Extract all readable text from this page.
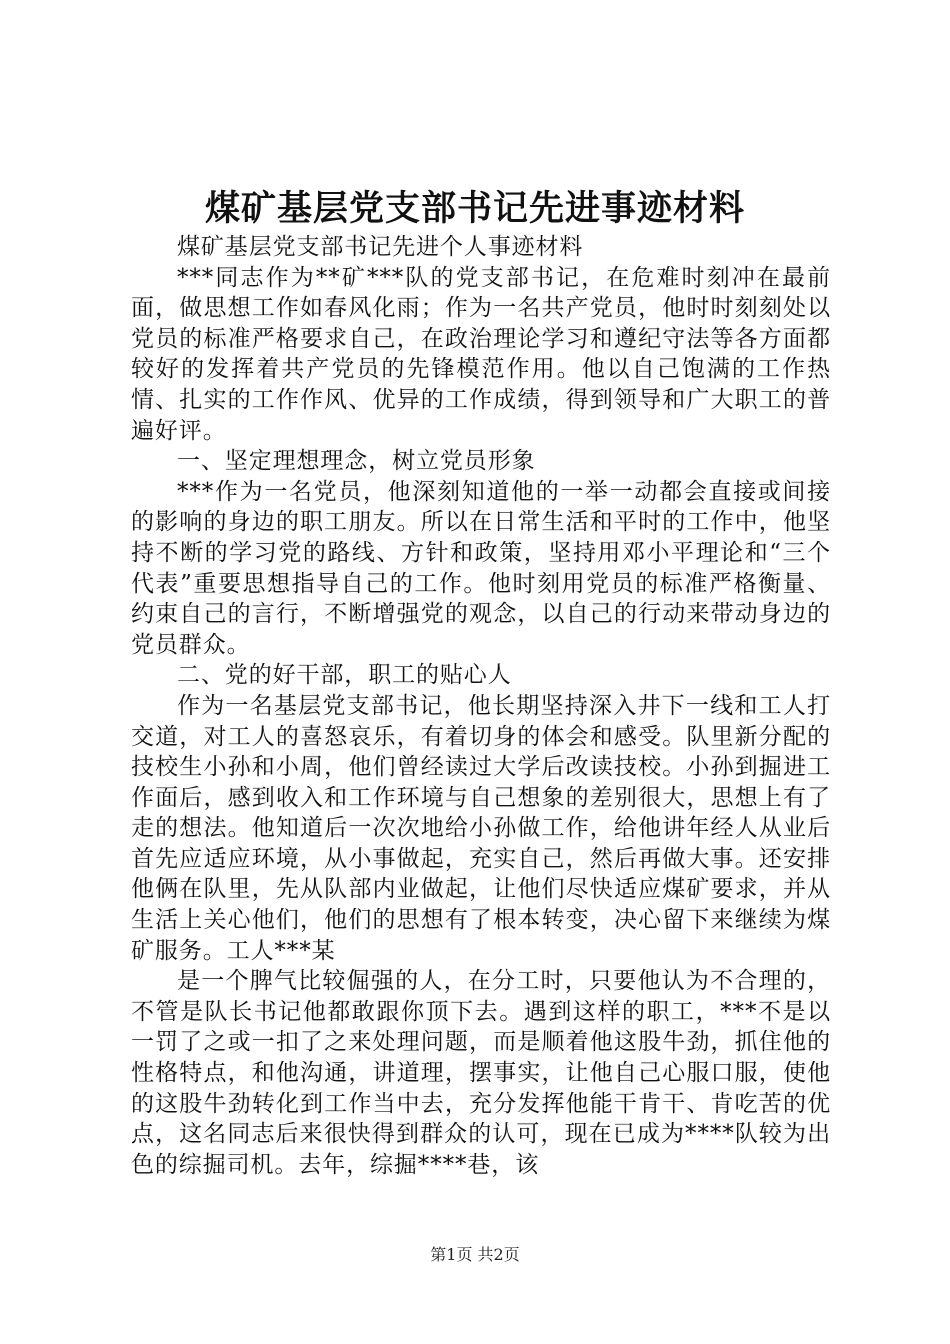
煤矿基层党支部书记先进事迹材料

煤矿基层党支部书记先进个人事迹材料

***同志作为**矿***队的党支部书记，在危难时刻冲在最前面，做思想工作如春风化雨；作为一名共产党员，他时时刻刻处以党员的标准严格要求自己，在政治理论学习和遵纪守法等各方面都较好的发挥着共产党员的先锋模范作用。他以自己饱满的工作热情、扎实的工作作风、优异的工作成绩，得到领导和广大职工的普遍好评。

一、坚定理想理念，树立党员形象

***作为一名党员，他深刻知道他的一举一动都会直接或间接的影响的身边的职工朋友。所以在日常生活和平时的工作中，他坚持不断的学习党的路线、方针和政策，坚持用邓小平理论和“三个代表”重要思想指导自己的工作。他时刻用党员的标准严格衡量、约束自己的言行，不断增强党的观念，以自己的行动来带动身边的党员群众。

二、党的好干部，职工的贴心人

作为一名基层党支部书记，他长期坚持深入井下一线和工人打交道，对工人的喜怒哀乐，有着切身的体会和感受。队里新分配的技校生小孙和小周，他们曾经读过大学后改读技校。小孙到掘进工作面后，感到收入和工作环境与自己想象的差别很大，思想上有了走的想法。他知道后一次次地给小孙做工作，给他讲年经人从业后首先应适应环境，从小事做起，充实自己，然后再做大事。还安排他俩在队里，先从队部内业做起，让他们尽快适应煤矿要求，并从生活上关心他们，他们的思想有了根本转变，决心留下来继续为煤矿服务。工人***某

是一个脾气比较倔强的人，在分工时，只要他认为不合理的，不管是队长书记他都敢跟你顶下去。遇到这样的职工，***不是以一罚了之或一扣了之来处理问题，而是顺着他这股牛劲，抓住他的性格特点，和他沟通，讲道理，摆事实，让他自己心服口服，使他的这股牛劲转化到工作当中去，充分发挥他能干肯干、肯吃苦的优点，这名同志后来很快得到群众的认可，现在已成为****队较为出色的综掘司机。去年，综掘****巷，该

第1页 共2页
